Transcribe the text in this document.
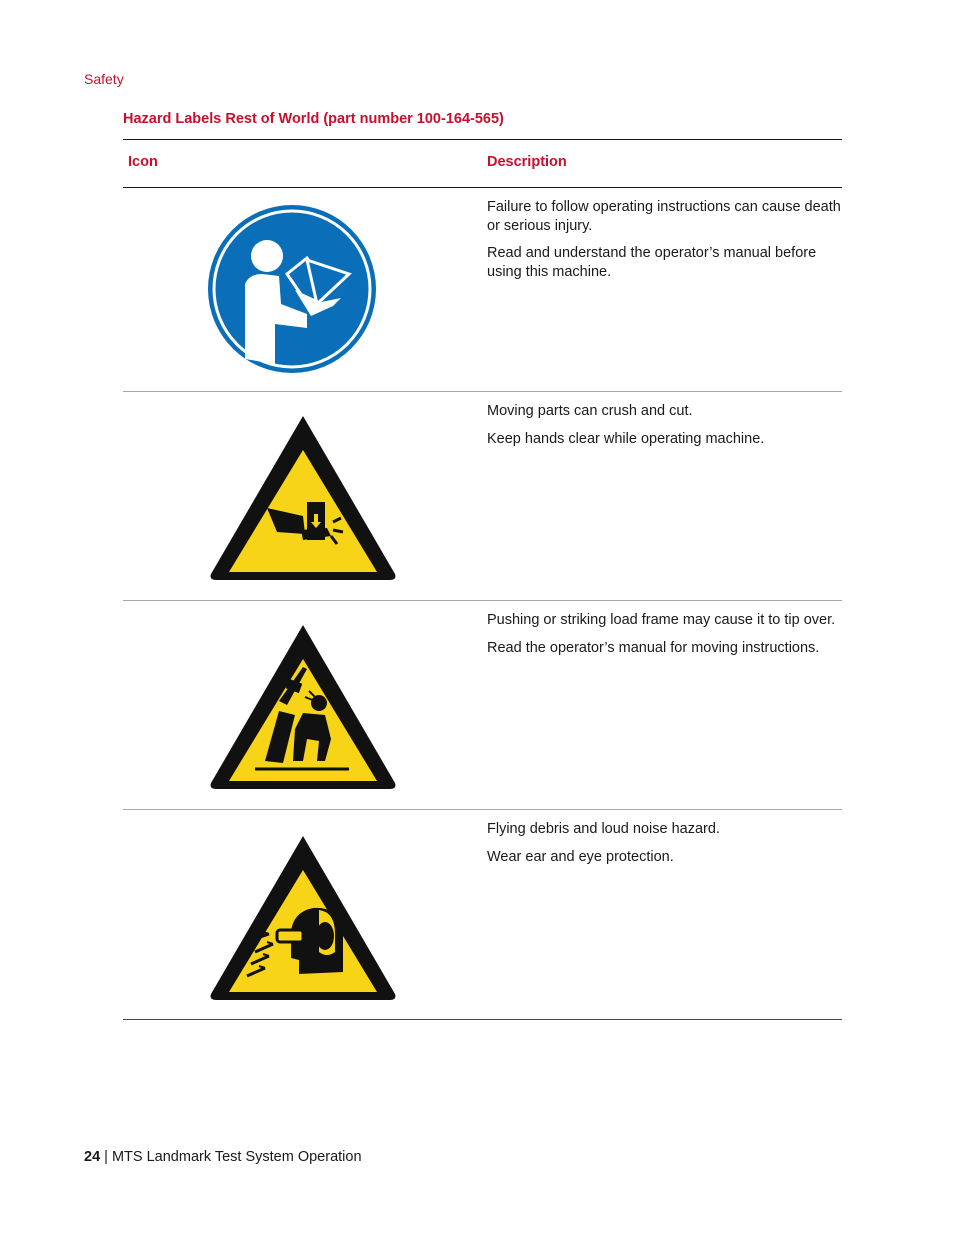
Safety
Hazard Labels Rest of World (part number 100-164-565)
Icon	Description

Failure to follow operating instructions can cause death or serious injury.

Read and understand the operator’s manual before using this machine.

Moving parts can crush and cut.

Keep hands clear while operating machine.

Pushing or striking load frame may cause it to tip over.

Read the operator’s manual for moving instructions.

Flying debris and loud noise hazard.

Wear ear and eye protection.

24 | MTS Landmark Test System Operation
